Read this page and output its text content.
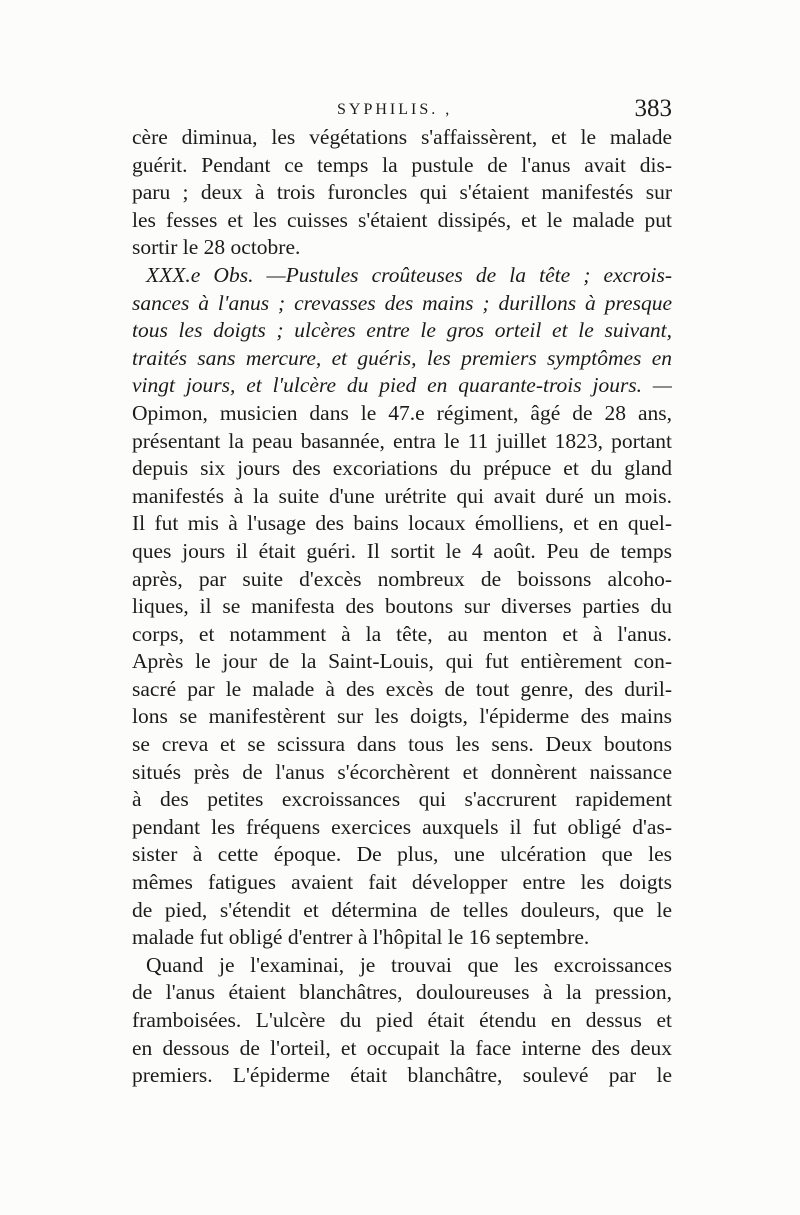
SYPHILIS. ,	383
cère diminua, les végétations s'affaissèrent, et le malade
guérit. Pendant ce temps la pustule de l'anus avait dis-
paru ; deux à trois furoncles qui s'étaient manifestés sur
les fesses et les cuisses s'étaient dissipés, et le malade put
sortir le 28 octobre.
XXX.e Obs. —Pustules croûteuses de la tête ; excrois-
sances à l'anus ; crevasses des mains ; durillons à presque
tous les doigts ; ulcères entre le gros orteil et le suivant,
traités sans mercure, et guéris, les premiers symptômes en
vingt jours, et l'ulcère du pied en quarante-trois jours. —
Opimon, musicien dans le 47.e régiment, âgé de 28 ans,
présentant la peau basannée, entra le 11 juillet 1823, portant
depuis six jours des excoriations du prépuce et du gland
manifestés à la suite d'une urétrite qui avait duré un mois.
Il fut mis à l'usage des bains locaux émolliens, et en quel-
ques jours il était guéri. Il sortit le 4 août. Peu de temps
après, par suite d'excès nombreux de boissons alcoho-
liques, il se manifesta des boutons sur diverses parties du
corps, et notamment à la tête, au menton et à l'anus.
Après le jour de la Saint-Louis, qui fut entièrement con-
sacré par le malade à des excès de tout genre, des duril-
lons se manifestèrent sur les doigts, l'épiderme des mains
se creva et se scissura dans tous les sens. Deux boutons
situés près de l'anus s'écorchèrent et donnèrent naissance
à des petites excroissances qui s'accrurent rapidement
pendant les fréquens exercices auxquels il fut obligé d'as-
sister à cette époque. De plus, une ulcération que les
mêmes fatigues avaient fait développer entre les doigts
de pied, s'étendit et détermina de telles douleurs, que le
malade fut obligé d'entrer à l'hôpital le 16 septembre.
Quand je l'examinai, je trouvai que les excroissances
de l'anus étaient blanchâtres, douloureuses à la pression,
framboisées. L'ulcère du pied était étendu en dessus et
en dessous de l'orteil, et occupait la face interne des deux
premiers. L'épiderme était blanchâtre, soulevé par le
